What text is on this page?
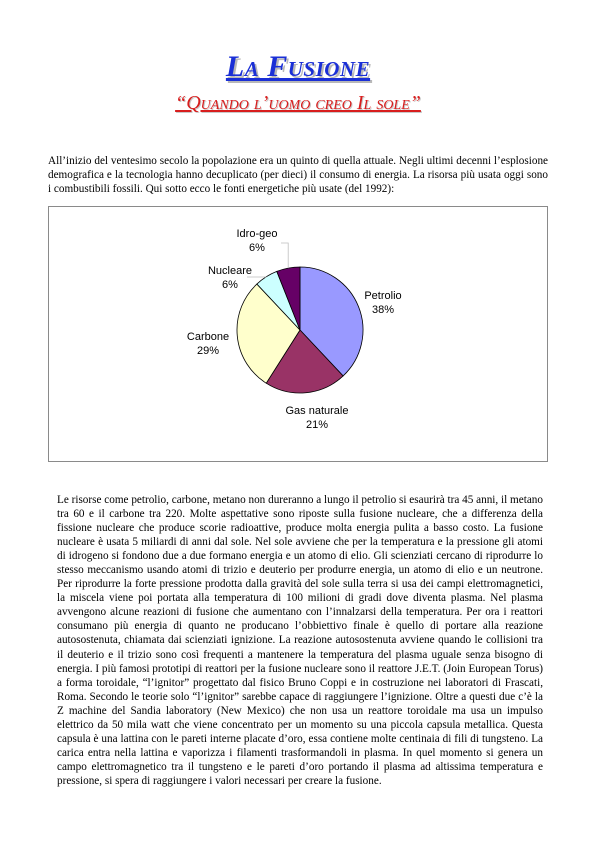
La Fusione
“Quando l’uomo creo Il sole”

All’inizio del ventesimo secolo la popolazione era un quinto di quella attuale. Negli ultimi decenni l’esplosione demografica e la tecnologia hanno decuplicato (per dieci) il consumo di energia. La risorsa più usata oggi sono i combustibili fossili. Qui sotto ecco le fonti energetiche più usate (del 1992):

Petrolio
38%
Gas naturale
21%
Carbone
29%
Nucleare
6%
Idro-geo
6%

Le risorse come petrolio, carbone, metano non dureranno a lungo il petrolio si esaurirà tra 45 anni, il metano tra 60 e il carbone tra 220. Molte aspettative sono riposte sulla fusione nucleare, che a differenza della fissione nucleare che produce scorie radioattive, produce molta energia pulita a basso costo. La fusione nucleare è usata 5 miliardi di anni dal sole. Nel sole avviene che per la temperatura e la pressione gli atomi di idrogeno si fondono due a due formano energia e un atomo di elio. Gli scienziati cercano di riprodurre lo stesso meccanismo usando atomi di trizio e deuterio per produrre energia, un atomo di elio e un neutrone. Per riprodurre la forte pressione prodotta dalla gravità del sole sulla terra si usa dei campi elettromagnetici, la miscela viene poi portata alla temperatura di 100 milioni di gradi dove diventa plasma. Nel plasma avvengono alcune reazioni di fusione che aumentano con l’innalzarsi della temperatura. Per ora i reattori consumano più energia di quanto ne producano l’obbiettivo finale è quello di portare alla reazione autosostenuta, chiamata dai scienziati ignizione. La reazione autosostenuta avviene quando le collisioni tra il deuterio e il trizio sono così frequenti a mantenere la temperatura del plasma uguale senza bisogno di energia. I più famosi prototipi di reattori per la fusione nucleare sono il reattore J.E.T. (Join European Torus) a forma toroidale, “l’ignitor” progettato dal fisico Bruno Coppi e in costruzione nei laboratori di Frascati, Roma. Secondo le teorie solo “l’ignitor” sarebbe capace di raggiungere l’ignizione. Oltre a questi due c’è la Z machine del Sandia laboratory (New Mexico) che non usa un reattore toroidale ma usa un impulso elettrico da 50 mila watt che viene concentrato per un momento su una piccola capsula metallica. Questa capsula è una lattina con le pareti interne placate d’oro, essa contiene molte centinaia di fili di tungsteno. La carica entra nella lattina e vaporizza i filamenti trasformandoli in plasma. In quel momento si genera un campo elettromagnetico tra il tungsteno e le pareti d’oro portando il plasma ad altissima temperatura e pressione, si spera di raggiungere i valori necessari per creare la fusione.
